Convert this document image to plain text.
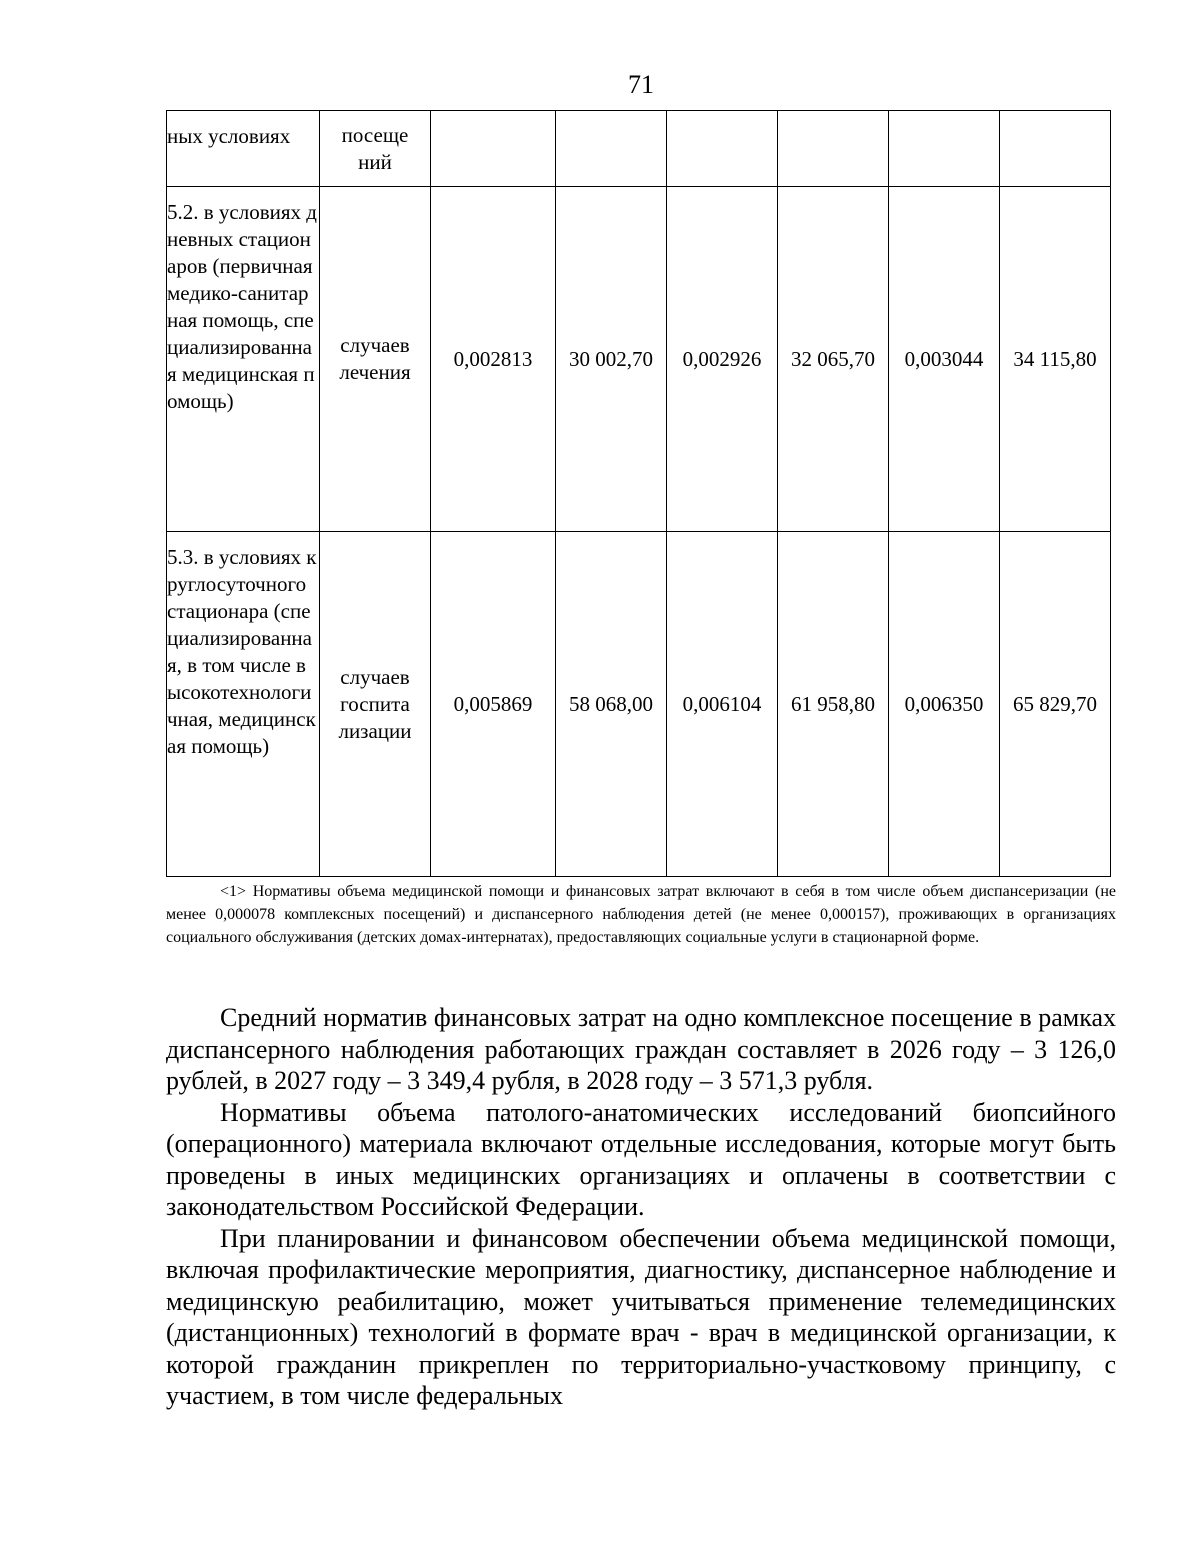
71
ных условиях	посеще ний						
5.2. в условиях дневных стационаров (первичная медико-санитарная помощь, специализированная медицинская помощь)	случаев лечения	0,002813	30 002,70	0,002926	32 065,70	0,003044	34 115,80
5.3. в условиях круглосуточного стационара (специализированная, в том числе высокотехнологичная, медицинская помощь)	случаев госпита лизации	0,005869	58 068,00	0,006104	61 958,80	0,006350	65 829,70

<1> Нормативы объема медицинской помощи и финансовых затрат включают в себя в том числе объем диспансеризации (не менее 0,000078 комплексных посещений) и диспансерного наблюдения детей (не менее 0,000157), проживающих в организациях социального обслуживания (детских домах-интернатах), предоставляющих социальные услуги в стационарной форме.

Средний норматив финансовых затрат на одно комплексное посещение в рамках диспансерного наблюдения работающих граждан составляет в 2026 году – 3 126,0 рублей, в 2027 году – 3 349,4 рубля, в 2028 году – 3 571,3 рубля.

Нормативы объема патолого-анатомических исследований биопсийного (операционного) материала включают отдельные исследования, которые могут быть проведены в иных медицинских организациях и оплачены в соответствии с законодательством Российской Федерации.

При планировании и финансовом обеспечении объема медицинской помощи, включая профилактические мероприятия, диагностику, диспансерное наблюдение и медицинскую реабилитацию, может учитываться применение телемедицинских (дистанционных) технологий в формате врач - врач в медицинской организации, к которой гражданин прикреплен по территориально-участковому принципу, с участием, в том числе федеральных
